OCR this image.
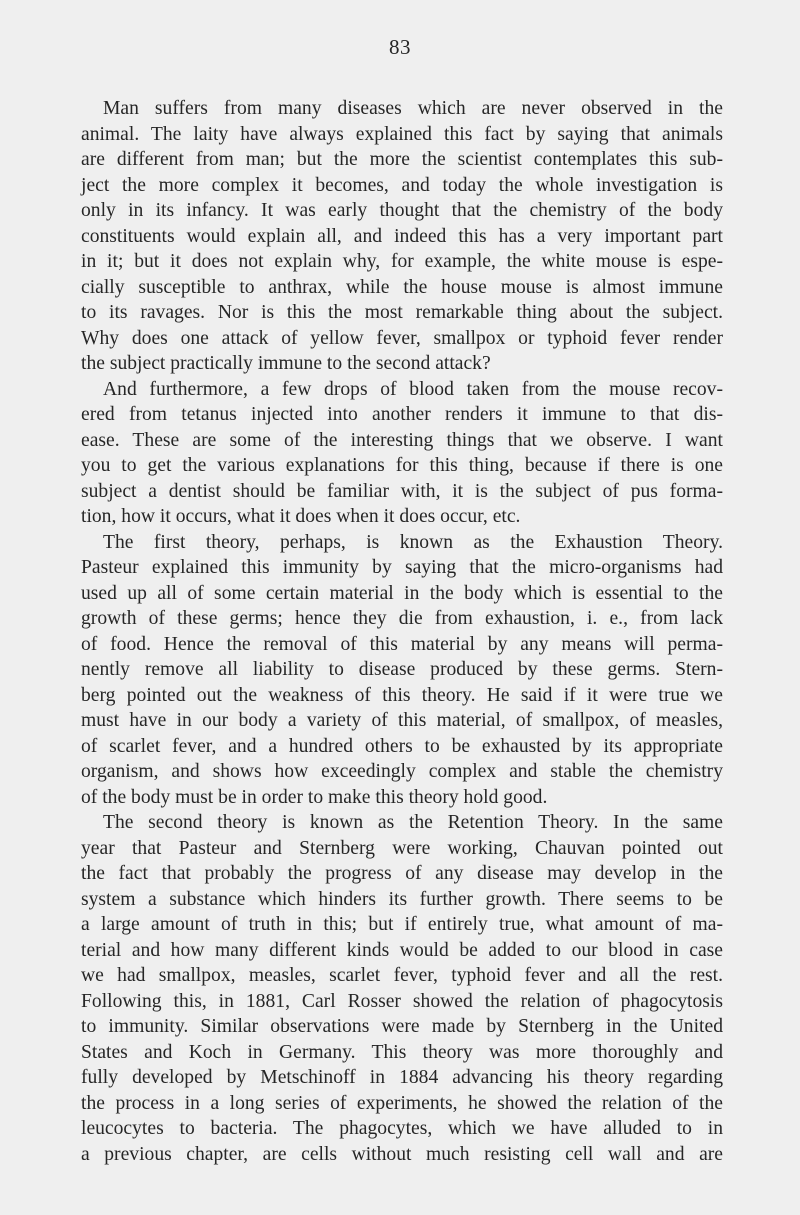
83
Man suffers from many diseases which are never observed in the
animal. The laity have always explained this fact by saying that animals
are different from man; but the more the scientist contemplates this sub-
ject the more complex it becomes, and today the whole investigation is
only in its infancy. It was early thought that the chemistry of the body
constituents would explain all, and indeed this has a very important part
in it; but it does not explain why, for example, the white mouse is espe-
cially susceptible to anthrax, while the house mouse is almost immune
to its ravages. Nor is this the most remarkable thing about the subject.
Why does one attack of yellow fever, smallpox or typhoid fever render
the subject practically immune to the second attack?
And furthermore, a few drops of blood taken from the mouse recov-
ered from tetanus injected into another renders it immune to that dis-
ease. These are some of the interesting things that we observe. I want
you to get the various explanations for this thing, because if there is one
subject a dentist should be familiar with, it is the subject of pus forma-
tion, how it occurs, what it does when it does occur, etc.
The first theory, perhaps, is known as the Exhaustion Theory.
Pasteur explained this immunity by saying that the micro-organisms had
used up all of some certain material in the body which is essential to the
growth of these germs; hence they die from exhaustion, i. e., from lack
of food. Hence the removal of this material by any means will perma-
nently remove all liability to disease produced by these germs. Stern-
berg pointed out the weakness of this theory. He said if it were true we
must have in our body a variety of this material, of smallpox, of measles,
of scarlet fever, and a hundred others to be exhausted by its appropriate
organism, and shows how exceedingly complex and stable the chemistry
of the body must be in order to make this theory hold good.
The second theory is known as the Retention Theory. In the same
year that Pasteur and Sternberg were working, Chauvan pointed out
the fact that probably the progress of any disease may develop in the
system a substance which hinders its further growth. There seems to be
a large amount of truth in this; but if entirely true, what amount of ma-
terial and how many different kinds would be added to our blood in case
we had smallpox, measles, scarlet fever, typhoid fever and all the rest.
Following this, in 1881, Carl Rosser showed the relation of phagocytosis
to immunity. Similar observations were made by Sternberg in the United
States and Koch in Germany. This theory was more thoroughly and
fully developed by Metschinoff in 1884 advancing his theory regarding
the process in a long series of experiments, he showed the relation of the
leucocytes to bacteria. The phagocytes, which we have alluded to in
a previous chapter, are cells without much resisting cell wall and are
